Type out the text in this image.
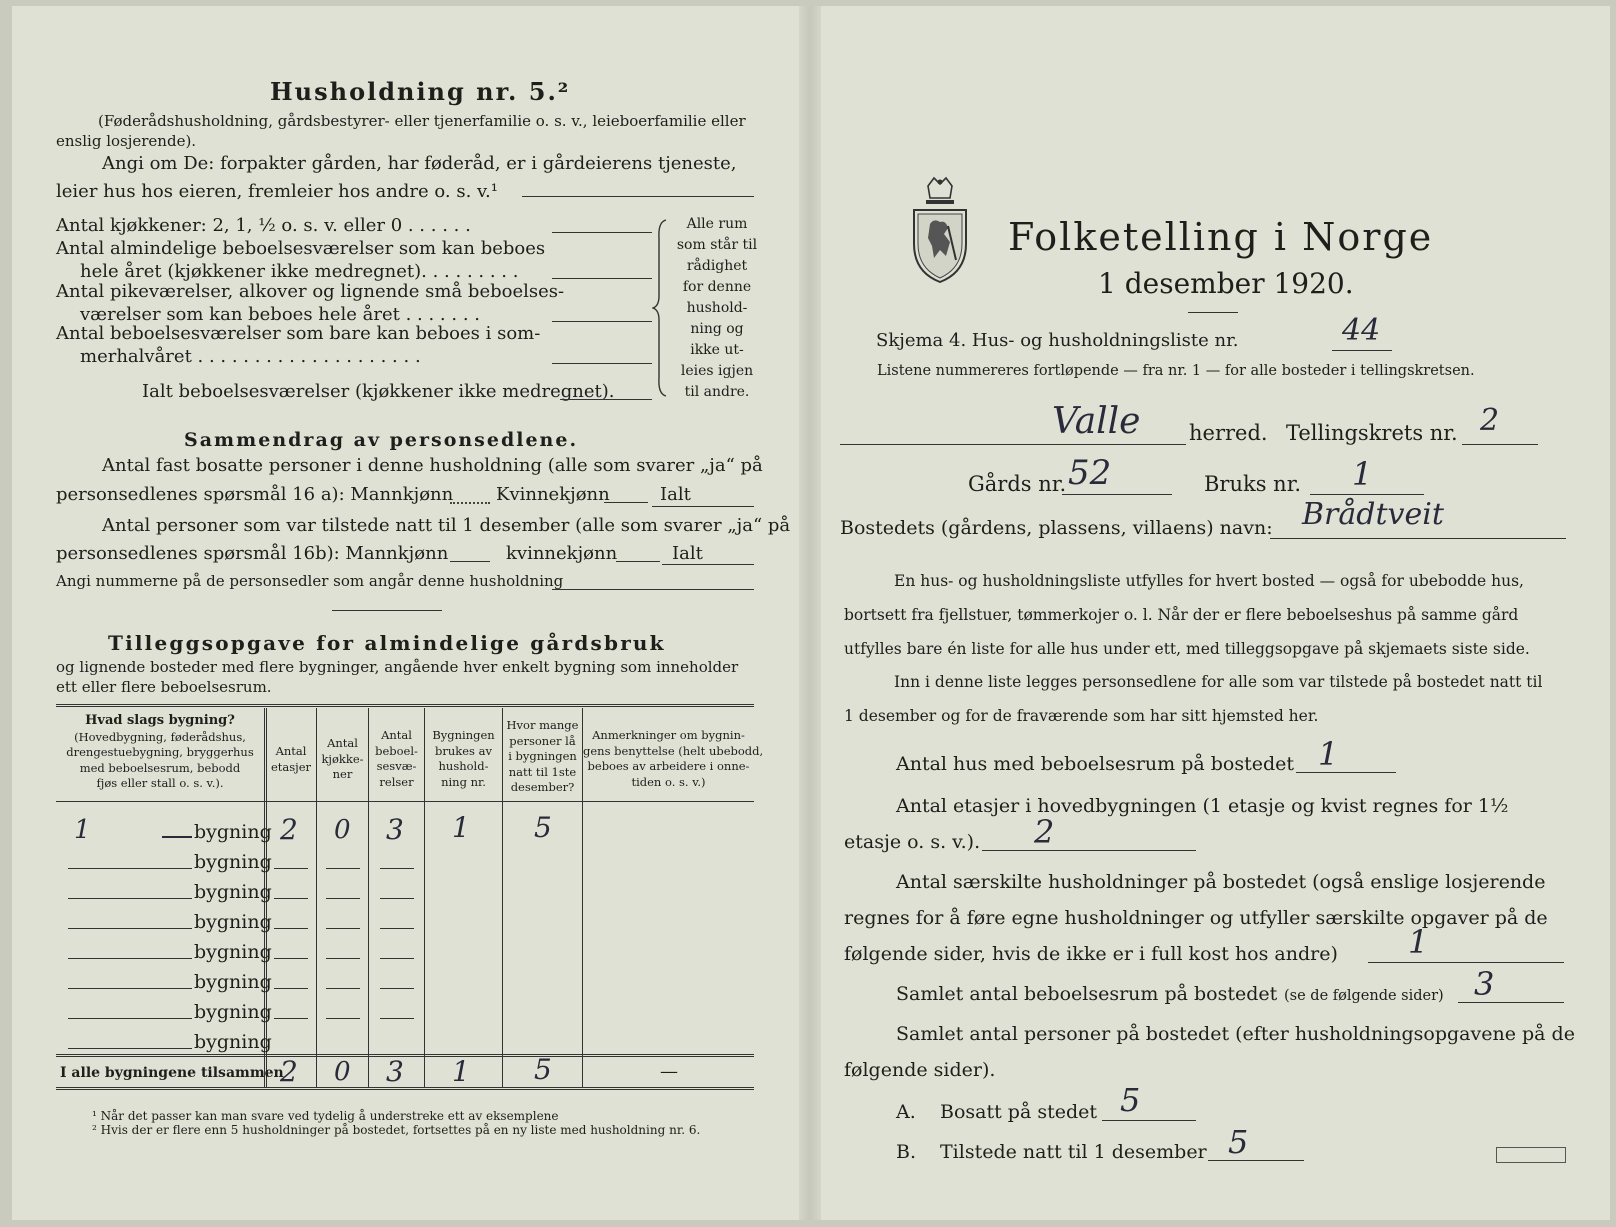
Husholdning nr. 5.²
(Føderådshusholdning, gårdsbestyrer- eller tjenerfamilie o. s. v., leieboerfamilie eller
enslig losjerende).
Angi om De: forpakter gården, har føderåd, er i gårdeierens tjeneste,
leier hus hos eieren, fremleier hos andre o. s. v.¹
Antal kjøkkener: 2, 1, ½ o. s. v. eller 0 . . . . . .
Antal almindelige beboelsesværelser som kan beboes
hele året (kjøkkener ikke medregnet). . . . . . . . .
Antal pikeværelser, alkover og lignende små beboelses-
værelser som kan beboes hele året . . . . . . .
Antal beboelsesværelser som bare kan beboes i som-
merhalvåret . . . . . . . . . . . . . . . . . . . .
Ialt beboelsesværelser (kjøkkener ikke medregnet).
Alle rum
som står til
rådighet
for denne
hushold-
ning og
ikke ut-
leies igjen
til andre.
Sammendrag av personsedlene.
Antal fast bosatte personer i denne husholdning (alle som svarer „ja“ på
personsedlenes spørsmål 16 a): Mannkjønn Kvinnekjønn	Ialt
Antal personer som var tilstede natt til 1 desember (alle som svarer „ja“ på
personsedlenes spørsmål 16b): Mannkjønn	kvinnekjønn	Ialt
Angi nummerne på de personsedler som angår denne husholdning
Tilleggsopgave for almindelige gårdsbruk
og lignende bosteder med flere bygninger, angående hver enkelt bygning som inneholder
ett eller flere beboelsesrum.
Hvad slags bygning?
(Hovedbygning, føderådshus,
drengestuebygning, bryggerhus
med beboelsesrum, bebodd
fjøs eller stall o. s. v.).
Antal
etasjer
Antal
kjøkke-
ner
Antal
beboel-
sesvæ-
relser
Bygningen
brukes av
hushold-
ning nr.
Hvor mange
personer lå
i bygningen
natt til 1ste
desember?
Anmerkninger om bygnin-
gens benyttelse (helt ubebodd,
beboes av arbeidere i onne-
tiden o. s. v.)
1	bygning 2 0 3 1 5
bygning
bygning
bygning
bygning
bygning
bygning
bygning
I alle bygningene tilsammen
2 0 3 1 5	—
¹ Når det passer kan man svare ved tydelig å understreke ett av eksemplene
² Hvis der er flere enn 5 husholdninger på bostedet, fortsettes på en ny liste med husholdning nr. 6.
Folketelling i Norge
1 desember 1920.
Skjema 4. Hus- og husholdningsliste nr.	44
Listene nummereres fortløpende — fra nr. 1 — for alle bosteder i tellingskretsen.
Valle herred. Tellingskrets nr. 2
Gårds nr. 52	Bruks nr. 1
Bostedets (gårdens, plassens, villaens) navn: Brådtveit
En hus- og husholdningsliste utfylles for hvert bosted — også for ubebodde hus,
bortsett fra fjellstuer, tømmerkojer o. l. Når der er flere beboelseshus på samme gård
utfylles bare én liste for alle hus under ett, med tilleggsopgave på skjemaets siste side.
Inn i denne liste legges personsedlene for alle som var tilstede på bostedet natt til
1 desember og for de fraværende som har sitt hjemsted her.
Antal hus med beboelsesrum på bostedet 1
Antal etasjer i hovedbygningen (1 etasje og kvist regnes for 1½
etasje o. s. v.). 2
Antal særskilte husholdninger på bostedet (også enslige losjerende
regnes for å føre egne husholdninger og utfyller særskilte opgaver på de
følgende sider, hvis de ikke er i full kost hos andre) 1
Samlet antal beboelsesrum på bostedet (se de følgende sider) 3
Samlet antal personer på bostedet (efter husholdningsopgavene på de
følgende sider).
A. Bosatt på stedet 5
B. Tilstede natt til 1 desember 5
